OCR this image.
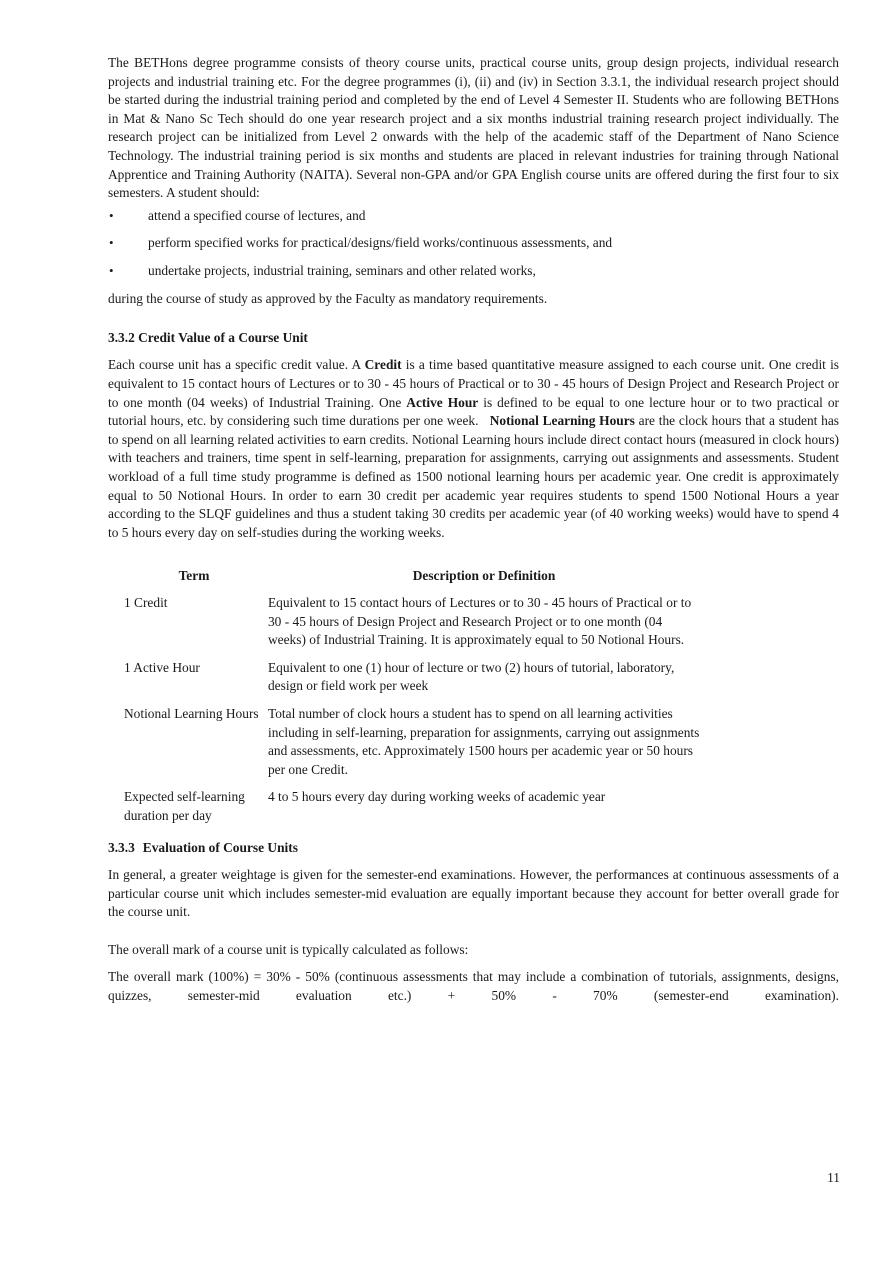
The BETHons degree programme consists of theory course units, practical course units, group design projects, individual research projects and industrial training etc. For the degree programmes (i), (ii) and (iv) in Section 3.3.1, the individual research project should be started during the industrial training period and completed by the end of Level 4 Semester II. Students who are following BETHons in Mat & Nano Sc Tech should do one year research project and a six months industrial training research project individually. The research project can be initialized from Level 2 onwards with the help of the academic staff of the Department of Nano Science Technology. The industrial training period is six months and students are placed in relevant industries for training through National Apprentice and Training Authority (NAITA). Several non-GPA and/or GPA English course units are offered during the first four to six semesters. A student should:

•	attend a specified course of lectures, and
•	perform specified works for practical/designs/field works/continuous assessments, and
•	undertake projects, industrial training, seminars and other related works,

during the course of study as approved by the Faculty as mandatory requirements.

3.3.2 Credit Value of a Course Unit

Each course unit has a specific credit value. A Credit is a time based quantitative measure assigned to each course unit. One credit is equivalent to 15 contact hours of Lectures or to 30 - 45 hours of Practical or to 30 - 45 hours of Design Project and Research Project or to one month (04 weeks) of Industrial Training. One Active Hour is defined to be equal to one lecture hour or to two practical or tutorial hours, etc. by considering such time durations per one week.   Notional Learning Hours are the clock hours that a student has to spend on all learning related activities to earn credits. Notional Learning hours include direct contact hours (measured in clock hours) with teachers and trainers, time spent in self-learning, preparation for assignments, carrying out assignments and assessments. Student workload of a full time study programme is defined as 1500 notional learning hours per academic year. One credit is approximately equal to 50 Notional Hours. In order to earn 30 credit per academic year requires students to spend 1500 Notional Hours a year according to the SLQF guidelines and thus a student taking 30 credits per academic year (of 40 working weeks) would have to spend 4 to 5 hours every day on self-studies during the working weeks.

Term	Description or Definition
1 Credit	Equivalent to 15 contact hours of Lectures or to 30 - 45 hours of Practical or to 30 - 45 hours of Design Project and Research Project or to one month (04 weeks) of Industrial Training. It is approximately equal to 50 Notional Hours.
1 Active Hour	Equivalent to one (1) hour of lecture or two (2) hours of tutorial, laboratory, design or field work per week
Notional Learning Hours	Total number of clock hours a student has to spend on all learning activities including in self-learning, preparation for assignments, carrying out assignments and assessments, etc. Approximately 1500 hours per academic year or 50 hours per one Credit.
Expected self-learning duration per day	4 to 5 hours every day during working weeks of academic year
3.3.3 Evaluation of Course Units

In general, a greater weightage is given for the semester-end examinations. However, the performances at continuous assessments of a particular course unit which includes semester-mid evaluation are equally important because they account for better overall grade for the course unit.

The overall mark of a course unit is typically calculated as follows:

The overall mark (100%) = 30% - 50% (continuous assessments that may include a combination of tutorials, assignments, designs, quizzes, semester-mid evaluation etc.) + 50% - 70% (semester-end examination).

11
